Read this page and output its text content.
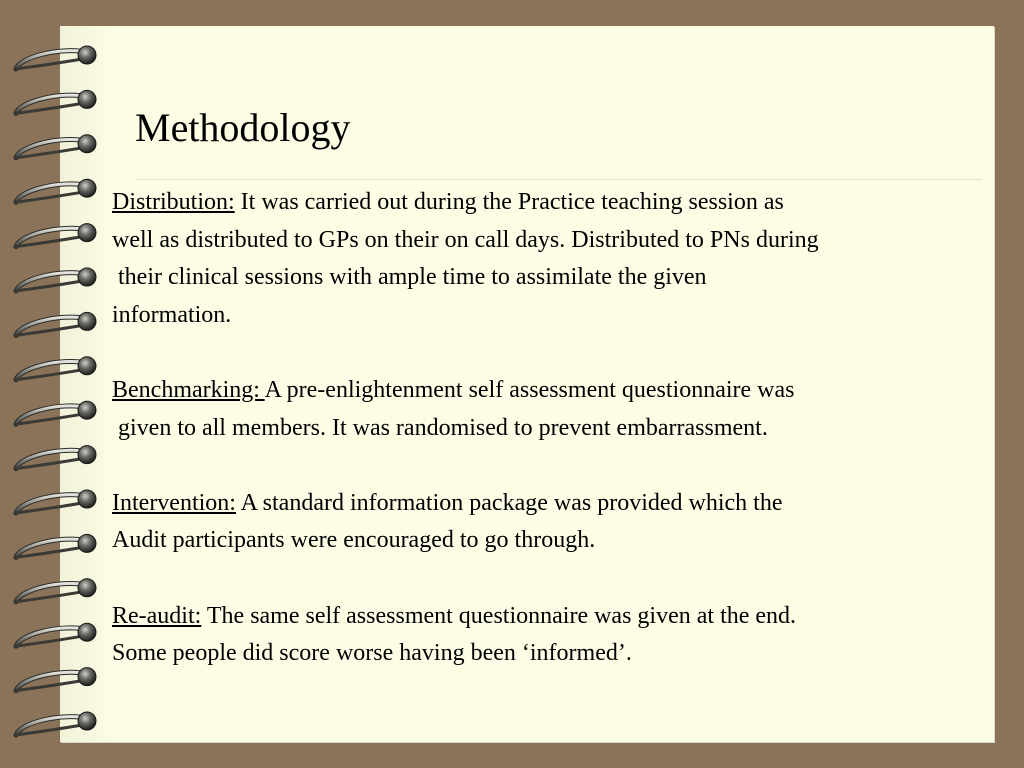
Methodology

Distribution: It was carried out during the Practice teaching session as
well as distributed to GPs on their on call days. Distributed to PNs during
their clinical sessions with ample time to assimilate the given
information.

Benchmarking: A pre-enlightenment self assessment questionnaire was
given to all members. It was randomised to prevent embarrassment.

Intervention: A standard information package was provided which the
Audit participants were encouraged to go through.

Re-audit: The same self assessment questionnaire was given at the end.
Some people did score worse having been ‘informed’.
